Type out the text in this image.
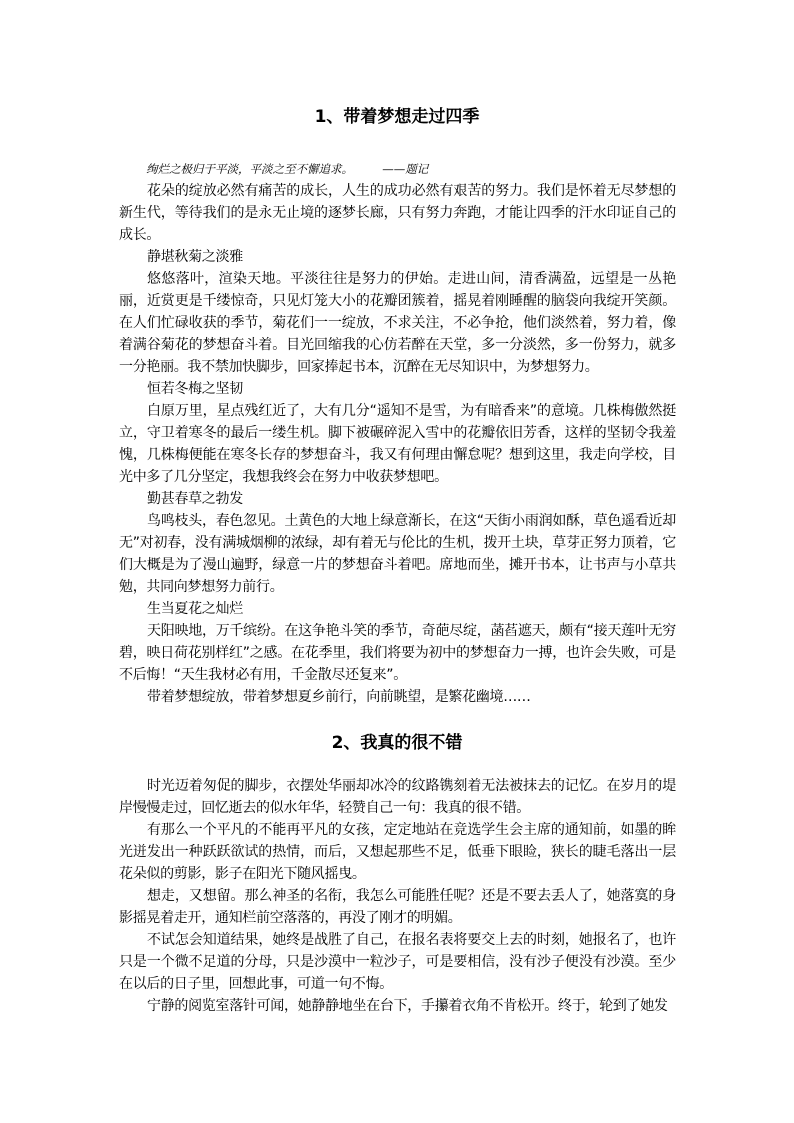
1、带着梦想走过四季
绚烂之极归于平淡，平淡之至不懈追求。        ——题记

花朵的绽放必然有痛苦的成长，人生的成功必然有艰苦的努力。我们是怀着无尽梦想的新生代，等待我们的是永无止境的逐梦长廊，只有努力奔跑，才能让四季的汗水印证自己的成长。

静堪秋菊之淡雅

悠悠落叶，渲染天地。平淡往往是努力的伊始。走进山间，清香满盈，远望是一丛艳丽，近赏更是千缕惊奇，只见灯笼大小的花瓣团簇着，摇晃着刚睡醒的脑袋向我绽开笑颜。在人们忙碌收获的季节，菊花们一一绽放，不求关注，不必争抢，他们淡然着，努力着，像着满谷菊花的梦想奋斗着。目光回缩我的心仿若醉在天堂，多一分淡然，多一份努力，就多一分艳丽。我不禁加快脚步，回家捧起书本，沉醉在无尽知识中，为梦想努力。

恒若冬梅之坚韧

白原万里，星点残红近了，大有几分“遥知不是雪，为有暗香来”的意境。几株梅傲然挺立，守卫着寒冬的最后一缕生机。脚下被碾碎泥入雪中的花瓣依旧芳香，这样的坚韧令我羞愧，几株梅便能在寒冬长存的梦想奋斗，我又有何理由懈怠呢？想到这里，我走向学校，目光中多了几分坚定，我想我终会在努力中收获梦想吧。

勤甚春草之勃发

鸟鸣枝头，春色忽见。土黄色的大地上绿意渐长，在这“天街小雨润如酥，草色遥看近却无”对初春，没有满城烟柳的浓绿，却有着无与伦比的生机，拨开土块，草芽正努力顶着，它们大概是为了漫山遍野，绿意一片的梦想奋斗着吧。席地而坐，摊开书本，让书声与小草共勉，共同向梦想努力前行。

生当夏花之灿烂

天阳映地，万千缤纷。在这争艳斗笑的季节，奇葩尽绽，菡萏遮天，颇有“接天莲叶无穷碧，映日荷花别样红”之感。在花季里，我们将要为初中的梦想奋力一搏，也许会失败，可是不后悔！“天生我材必有用，千金散尽还复来”。

带着梦想绽放，带着梦想夏乡前行，向前眺望，是繁花幽境……

2、我真的很不错

时光迈着匆促的脚步，衣摆处华丽却冰冷的纹路镌刻着无法被抹去的记忆。在岁月的堤岸慢慢走过，回忆逝去的似水年华，轻赞自己一句：我真的很不错。

有那么一个平凡的不能再平凡的女孩，定定地站在竞选学生会主席的通知前，如墨的眸光迸发出一种跃跃欲试的热情，而后，又想起那些不足，低垂下眼睑，狭长的睫毛落出一层花朵似的剪影，影子在阳光下随风摇曳。

想走，又想留。那么神圣的名衔，我怎么可能胜任呢？还是不要去丢人了，她落寞的身影摇晃着走开，通知栏前空落落的，再没了刚才的明媚。

不试怎会知道结果，她终是战胜了自己，在报名表将要交上去的时刻，她报名了，也许只是一个微不足道的分母，只是沙漠中一粒沙子，可是要相信，没有沙子便没有沙漠。至少在以后的日子里，回想此事，可道一句不悔。

宁静的阅览室落针可闻，她静静地坐在台下，手攥着衣角不肯松开。终于，轮到了她发
